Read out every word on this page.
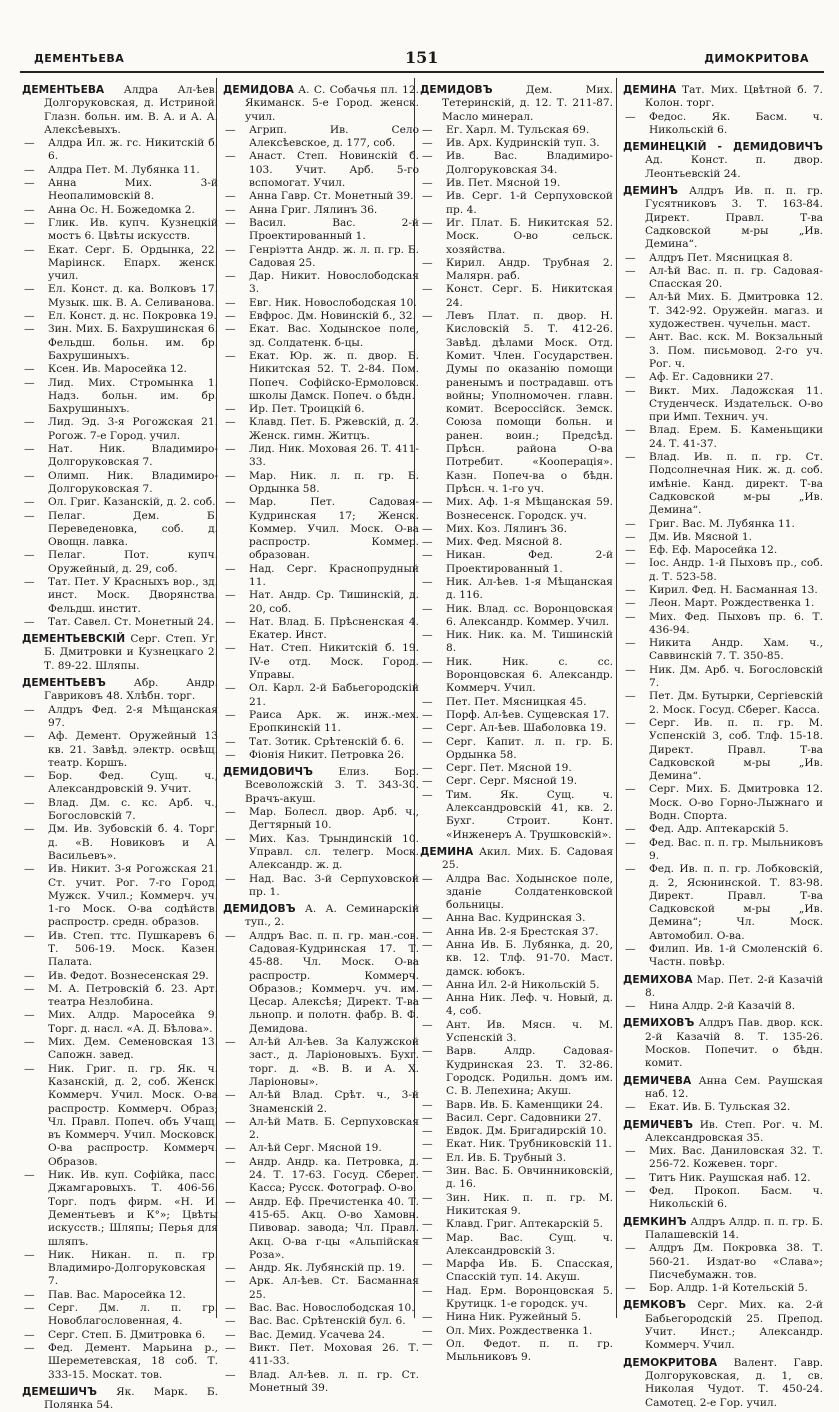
ДЕМЕНТЬЕВА	151	ДИМОКРИТОВА

ДЕМЕНТЬЕВА Алдра Ал-ѣев. Долгоруковская, д. Истриной. Глазн. больн. им. В. А. и А. А. Алексѣевыхъ.

— Алдра Ил. ж. гс. Никитскій б. 6.

— Алдра Пет. М. Лубянка 11.

— Анна Мих. 3-й Неопалимовскій 8.

— Анна Ос. Н. Божедомка 2.

— Глик. Ив. купч. Кузнецкій мостъ 6. Цвѣты искусств.

— Екат. Серг. Б. Ордынка, 22. Маріинск. Епарх. женск. учил.

— Ел. Конст. д. ка. Волковъ 17. Музык. шк. В. А. Селиванова.

— Ел. Конст. д. нс. Покровка 19.

— Зин. Мих. Б. Бахрушинская 6. Фельдш. больн. им. бр. Бахрушиныхъ.

— Ксен. Ив. Маросейка 12.

— Лид. Мих. Стромынка 1. Надз. больн. им. бр. Бахрушиныхъ.

— Лид. Эд. 3-я Рогожская 21. Рогож. 7-е Город. учил.

— Нат. Ник. Владимиро-Долгоруковская 7.

— Олимп. Ник. Владимиро-Долгоруковская 7.

— Ол. Григ. Казанскій, д. 2. соб.

— Пелаг. Дем. Б. Переведеновка, соб. д. Овощн. лавка.

— Пелаг. Пот. купч. Оружейный, д. 29, соб.

— Тат. Пет. У Красныхъ вор., зд. инст. Моск. Дворянства. Фельдш. инстит.

— Тат. Савел. Ст. Монетный 24.

ДЕМЕНТЬЕВСКІЙ Серг. Степ. Уг. Б. Дмитровки и Кузнецкаго 2. Т. 89-22. Шляпы.

ДЕМЕНТЬЕВЪ	Абр. Андр. Гавриковъ 48. Хлѣбн. торг.

— Алдръ Фед. 2-я Мѣщанская 97.

— Аф. Демент. Оружейный 13 кв. 21. Завѣд. электр. освѣщ. театр. Коршъ.

— Бор. Фед. Сущ. ч., Александровскій 9. Учит.

— Влад. Дм. с. кс. Арб. ч., Богословскій 7.

— Дм. Ив. Зубовскій б. 4. Торг. д. «В. Новиковъ и А. Васильевъ».

— Ив. Никит. 3-я Рогожская 21. Ст. учит. Рог. 7-го Город. Мужск. Учил.; Коммерч. уч. 1-го Моск. О-ва содѣйств. распростр. средн. образов.

— Ив. Степ. ттс. Пушкаревъ 6. Т. 506-19. Моск. Казен. Палата.

— Ив. Федот. Вознесенская 29.

— М. А. Петровскій б. 23. Арт. театра Незлобина.

— Мих. Алдр. Маросейка 9. Торг. д. насл. «А. Д. Бѣлова».

— Мих. Дем. Семеновская 13. Сапожн. завед.

— Ник. Григ. п. гр. Як. ч. Казанскій, д. 2, соб. Женск. Коммерч. Учил. Моск. О-ва распростр. Коммерч. Образ; Чл. Правл. Попеч. объ Учащ. въ Коммерч. Учил. Московск. О-ва распростр. Коммерч. Образов.

— Ник. Ив. куп. Софійка, пасс. Джамгаровыхъ. Т. 406-56. Торг. подъ фирм. «Н. И. Дементьевъ и К°»; Цвѣты искусств.; Шляпы; Перья для шляпъ.

— Ник. Никан. п. п. гр. Владимиро-Долгоруковская 7.

— Пав. Вас. Маросейка 12.

— Серг. Дм. л. п. гр. Новоблагословенная, 4.

— Серг. Степ. Б. Дмитровка 6.

— Фед. Демент. Марьина р., Шереметевская, 18 соб. Т. 333-15. Москат. тов.

ДЕМЕШИЧЪ Як. Марк. Б. Полянка 54.

ДЕМИДОВА А. С. Собачья пл. 12. Якиманск. 5-е Город. женск. учил.

— Агрип. Ив. Село Алексѣевское, д. 177, соб.

— Анаст. Степ. Новинскій б. 103. Учит. Арб. 5-го вспомогат. Учил.

— Анна Гавр. Ст. Монетный 39.

— Анна Григ. Лялинъ 36.

— Васил. Вас. 2-й Проектированный 1.

— Генріэтта Андр. ж. л. п. гр. Б. Садовая 25.

— Дар. Никит. Новослободская 3.

— Евг. Ник. Новослободская 10.

— Евфрос. Дм. Новинскій б., 32.

— Екат. Вас. Ходынское поле, зд. Солдатенк. б-цы.

— Екат. Юр. ж. п. двор. Б. Никитская 52. Т. 2-84. Пом. Попеч. Софійско-Ермоловск. школы Дамск. Попеч. о бѣдн.

— Ир. Пет. Троицкій 6.

— Клавд. Пет. Б. Ржевскій, д. 2. Женск. гимн. Житцъ.

— Лид. Ник. Моховая 26. Т. 411-33.

— Мар. Ник. л. п. гр. Б. Ордынка 58.

— Мар. Пет. Садовая-Кудринская 17; Женск. Коммер. Учил. Моск. О-ва распростр. Коммер. образован.

— Над. Серг. Краснопрудный 11.

— Нат. Андр. Ср. Тишинскій, д. 20, соб.

— Нат. Влад. Б. Прѣсненская 4. Екатер. Инст.

— Нат. Степ. Никитскій б. 19. IV-е отд. Моск. Город. Управы.

— Ол. Карл. 2-й Бабьегородскій 21.

— Раиса Арк. ж. инж.-мех. Еропкинскій 11.

— Тат. Зотик. Срѣтенскій б. 6.

— Фіонія Никит. Петровка 26.

ДЕМИДОВИЧЪ Елиз. Бор. Всеволожскій 3. Т. 343-30. Врачъ-акуш.

— Мар. Болесл. двор. Арб. ч., Дегтярный 10.

— Мих. Каз. Трындинскій 10. Управл. сл. телегр. Моск. Александр. ж. д.

— Над. Вас. 3-й Серпуховской пр. 1.

ДЕМИДОВЪ А. А. Семинарскій туп., 2.

— Алдръ Вас. п. п. гр. ман.-сов. Садовая-Кудринская 17. Т. 45-88. Чл. Моск. О-ва распростр. Коммерч. Образов.; Коммерч. уч. им. Цесар. Алексѣя; Директ. Т-ва льнопр. и полотн. фабр. В. Ф. Демидова.

— Ал-ѣй Ал-ѣев. За Калужской заст., д. Ларіоновыхъ. Бухг. торг. д. «В. В. и А. Х. Ларіоновы».

— Ал-ѣй Влад. Срѣт. ч., 3-й Знаменскій 2.

— Ал-ѣй Матв. Б. Серпуховская 2.

— Ал-ѣй Серг. Мясной 19.

— Андр. Андр. ка. Петровка, д. 24. Т. 17-63. Госуд. Сберег. Касса; Русск. Фотограф. О-во.

— Андр. Еф. Пречистенка 40. Т. 415-65. Акц. О-во Хамовн. Пивовар. завода; Чл. Правл. Акц. О-ва г-цы «Альпійская Роза».

— Андр. Як. Лубянскій пр. 19.

— Арк. Ал-ѣев. Ст. Басманная 25.

— Вас. Вас. Новослободская 10.

— Вас. Вас. Срѣтенскій бул. 6.

— Вас. Демид. Усачева 24.

— Викт. Пет. Моховая 26. Т. 411-33.

— Влад. Ал-ѣев. л. п. гр. Ст. Монетный 39.

ДЕМИДОВЪ	Дем. Мих. Тетеринскій, д. 12. Т. 211-87. Масло минерал.

— Ег. Харл. М. Тульская 69.

— Ив. Арх. Кудринскій туп. 3.

— Ив. Вас. Владимиро-Долгоруковская 34.

— Ив. Пет. Мясной 19.

— Ив. Серг. 1-й Серпуховской пр. 4.

— Иг. Плат. Б. Никитская 52. Моск. О-во сельск. хозяйства.

— Кирил. Андр. Трубная 2. Малярн. раб.

— Конст. Серг. Б. Никитская 24.

— Левъ Плат. п. двор. Н. Кисловскій 5. Т. 412-26. Завѣд. дѣлами Моск. Отд. Комит. Член. Государствен. Думы по оказанію помощи раненымъ и пострадавш. отъ войны; Уполномочен. главн. комит. Всероссійск. Земск. Союза помощи больн. и ранен. воин.; Предсѣд. Прѣсн. района О-ва Потребит. «Кооперація». Казн. Попеч-ва о бѣдн. Прѣсн. ч. 1-го уч.

— Мих. Аф. 1-я Мѣщанская 59. Вознесенск. Городск. уч.

— Мих. Коз. Лялинъ 36.

— Мих. Фед. Мясной 8.

— Никан. Фед. 2-й Проектированный 1.

— Ник. Ал-ѣев. 1-я Мѣщанская д. 116.

— Ник. Влад. сс. Воронцовская 6. Александр. Коммер. Учил.

— Ник. Ник. ка. М. Тишинскій 8.

— Ник. Ник. с. сс. Воронцовская 6. Александр. Коммерч. Учил.

— Пет. Пет. Мясницкая 45.

— Порф. Ал-ѣев. Сущевская 17.

— Серг. Ал-ѣев. Шаболовка 19.

— Серг. Капит. л. п. гр. Б. Ордынка 58.

— Серг. Пет. Мясной 19.

— Серг. Серг. Мясной 19.

— Тим. Як. Сущ. ч. Александровскій 41, кв. 2. Бухг. Строит. Конт. «Инженеръ А. Трушковскій».

ДЕМИНА Акил. Мих. Б. Садовая 25.

— Алдра Вас. Ходынское поле, зданіе Солдатенковской больницы.

— Анна Вас. Кудринская 3.

— Анна Ив. 2-я Брестская 37.

— Анна Ив. Б. Лубянка, д. 20, кв. 12. Тлф. 91-70. Маст. дамск. юбокъ.

— Анна Ил. 2-й Никольскій 5.

— Анна Ник. Леф. ч. Новый, д. 4, соб.

— Ант. Ив. Мясн. ч. М. Успенскій 3.

— Варв. Алдр. Садовая-Кудринская 23. Т. 32-86. Городск. Родильн. домъ им. С. В. Лепехина; Акуш.

— Варв. Ив. Б. Каменщики 24.

— Васил. Серг. Садовники 27.

— Евдок. Дм. Бригадирскій 10.

— Екат. Ник. Трубниковскій 11.

— Ел. Ив. Б. Трубный 3.

— Зин. Вас. Б. Овчинниковскій, д. 16.

— Зин. Ник. п. п. гр. М. Никитская 9.

— Клавд. Григ. Аптекарскій 5.

— Мар. Вас. Сущ. ч. Александровскій 3.

— Марфа Ив. Б. Спасская, Спасскій туп. 14. Акуш.

— Над. Ерм. Воронцовская 5. Крутицк. 1-е городск. уч.

— Нина Ник. Ружейный 5.

— Ол. Мих. Рождественка 1.

— Ол. Федот. п. п. гр. Мыльниковъ 9.

ДЕМИНА Тат. Мих. Цвѣтной б. 7. Колон. торг.

— Федос. Як. Басм. ч. Никольскій 6.

ДЕМИНЕЦКІЙ - ДЕМИДОВИЧЪ Ад. Конст. п. двор. Леонтьевскій 24.

ДЕМИНЪ Алдръ Ив. п. п. гр. Гусятниковъ 3. Т. 163-84. Директ. Правл. Т-ва Садковской м-ры „Ив. Демина“.

— Алдръ Пет. Мясницкая 8.

— Ал-ѣй Вас. п. п. гр. Садовая-Спасская 20.

— Ал-ѣй Мих. Б. Дмитровка 12. Т. 342-92. Оружейн. магаз. и художествен. чучельн. маст.

— Ант. Вас. кск. М. Вокзальный 3. Пом. письмовод. 2-го уч. Рог. ч.

— Аф. Ег. Садовники 27.

— Викт. Мих. Ладожская 11. Студенческ. Издательск. О-во при Имп. Технич. уч.

— Влад. Ерем. Б. Каменьщики 24. Т. 41-37.

— Влад. Ив. п. п. гр. Ст. Подсолнечная Ник. ж. д. соб. имѣніе. Канд. директ. Т-ва Садковской м-ры „Ив. Демина“.

— Григ. Вас. М. Лубянка 11.

— Дм. Ив. Мясной 1.

— Еф. Еф. Маросейка 12.

— Іос. Андр. 1-й Пыховъ пр., соб. д. Т. 523-58.

— Кирил. Фед. Н. Басманная 13.

— Леон. Март. Рождественка 1.

— Мих. Фед. Пыховъ пр. 6. Т. 436-94.

— Никита Андр. Хам. ч., Саввинскій 7. Т. 350-85.

— Ник. Дм. Арб. ч. Богословскій 7.

— Пет. Дм. Бутырки, Сергіевскій 2. Моск. Госуд. Сберег. Касса.

— Серг. Ив. п. п. гр. М. Успенскій 3, соб. Тлф. 15-18. Директ. Правл. Т-ва Садковской м-ры „Ив. Демина“.

— Серг. Мих. Б. Дмитровка 12. Моск. О-во Горно-Лыжнаго и Водн. Спорта.

— Фед. Адр. Аптекарскій 5.

— Фед. Вас. п. п. гр. Мыльниковъ 9.

— Фед. Ив. п. п. гр. Лобковскій, д. 2, Ясюнинской. Т. 83-98. Директ. Правл. Т-ва Садковской м-ры „Ив. Демина“; Чл. Моск. Автомобил. О-ва.

— Филип. Ив. 1-й Смоленскій 6. Частн. повѣр.

ДЕМИХОВА Мар. Пет. 2-й Казачій 8.

— Нина Алдр. 2-й Казачій 8.

ДЕМИХОВЪ Алдръ Пав. двор. кск. 2-й Казачій 8. Т. 135-26. Москов. Попечит. о бѣдн. комит.

ДЕМИЧЕВА Анна Сем. Раушская наб. 12.

— Екат. Ив. Б. Тульская 32.

ДЕМИЧЕВЪ Ив. Степ. Рог. ч. М. Александровская 35.

— Мих. Вас. Даниловская 32. Т. 256-72. Кожевен. торг.

— Титъ Ник. Раушская наб. 12.

— Фед. Прокоп. Басм. ч. Никольскій 6.

ДЕМКИНЪ Алдръ Алдр. п. п. гр. Б. Палашевскій 14.

— Алдръ Дм. Покровка 38. Т. 560-21. Издат-во «Слава»; Писчебумажн. тов.

— Бор. Алдр. 1-й Котельскій 5.

ДЕМКОВЪ Серг. Мих. ка. 2-й Бабьегородскій 25. Препод. Учит. Инст.; Александр. Коммерч. Учил.

ДЕМОКРИТОВА Валент. Гавр. Долгоруковская, д. 1, св. Николая Чудот. Т. 450-24. Самотец. 2-е Гор. учил.
